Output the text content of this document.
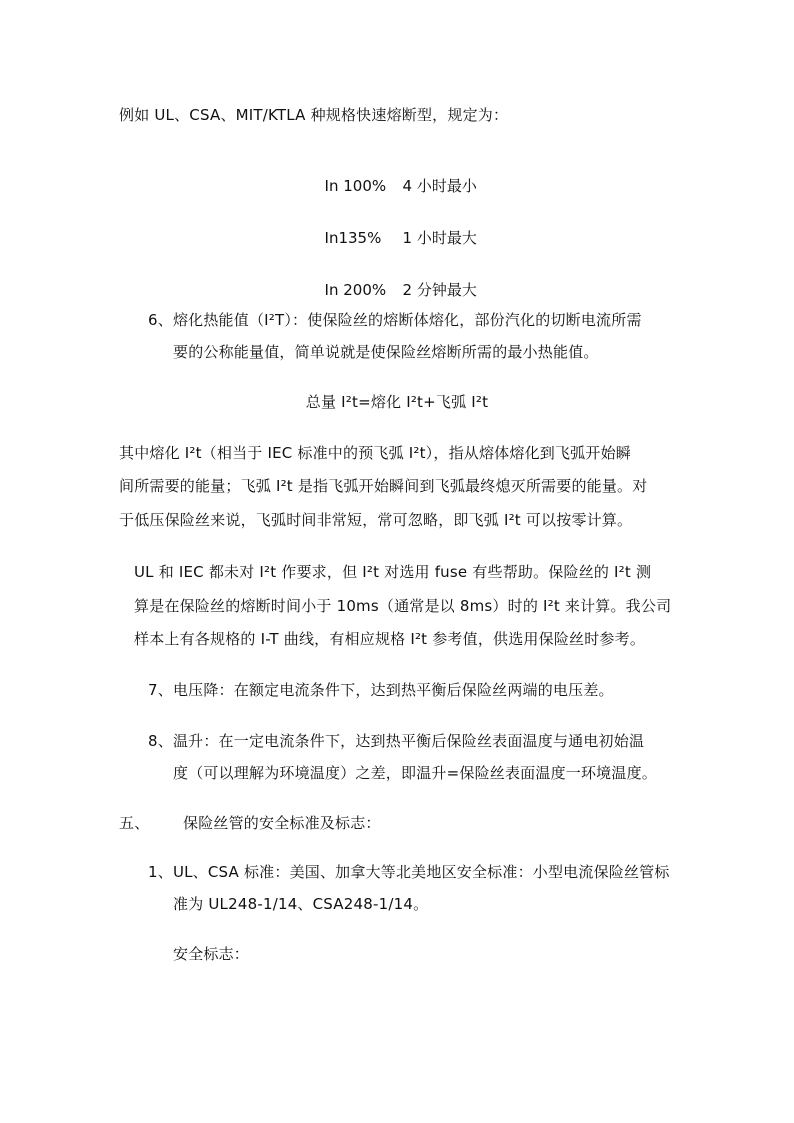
例如 UL、CSA、MIT/KTLA 种规格快速熔断型，规定为：

In 100% 4 小时最小

In135% 1 小时最大

In 200% 2 分钟最大

6、熔化热能值（I²T）：使保险丝的熔断体熔化，部份汽化的切断电流所需
要的公称能量值，简单说就是使保险丝熔断所需的最小热能值。
总量 I²t=熔化 I²t+飞弧 I²t
其中熔化 I²t（相当于 IEC 标准中的预飞弧 I²t），指从熔体熔化到飞弧开始瞬
间所需要的能量；飞弧 I²t 是指飞弧开始瞬间到飞弧最终熄灭所需要的能量。对
于低压保险丝来说，飞弧时间非常短，常可忽略，即飞弧 I²t 可以按零计算。
UL 和 IEC 都未对 I²t 作要求，但 I²t 对选用 fuse 有些帮助。保险丝的 I²t 测
算是在保险丝的熔断时间小于 10ms（通常是以 8ms）时的 I²t 来计算。我公司
样本上有各规格的 I-T 曲线，有相应规格 I²t 参考值，供选用保险丝时参考。
7、电压降：在额定电流条件下，达到热平衡后保险丝两端的电压差。
8、温升：在一定电流条件下，达到热平衡后保险丝表面温度与通电初始温
度（可以理解为环境温度）之差，即温升=保险丝表面温度一环境温度。
五、 保险丝管的安全标准及标志：
1、UL、CSA 标准：美国、加拿大等北美地区安全标准：小型电流保险丝管标
准为 UL248-1/14、CSA248-1/14。
安全标志：
